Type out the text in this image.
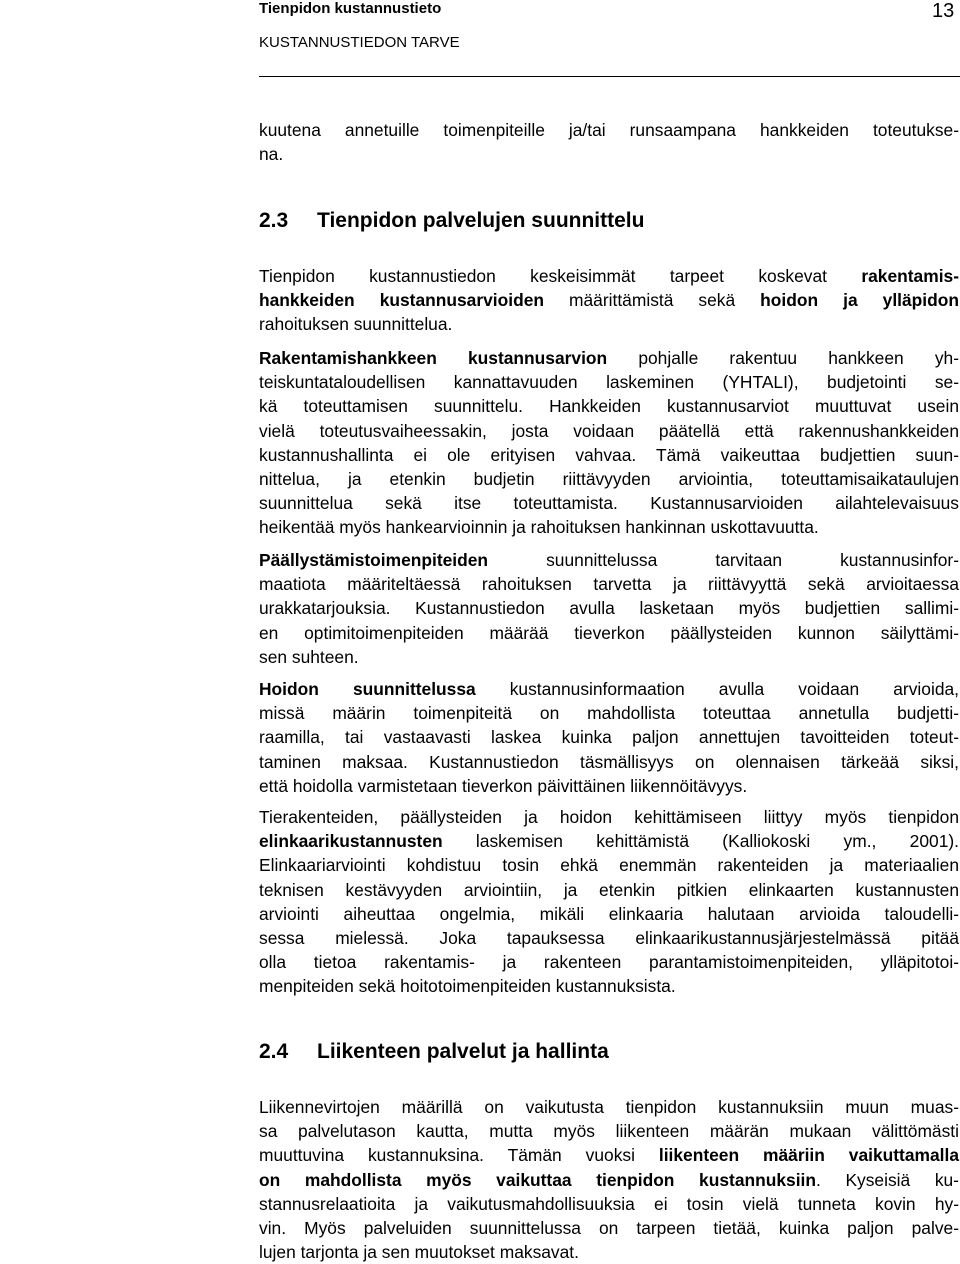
Tienpidon kustannustieto
KUSTANNUSTIEDON TARVE
13
kuutena annetuille toimenpiteille ja/tai runsaampana hankkeiden toteutukse-
na.
2.3 Tienpidon palvelujen suunnittelu
Tienpidon kustannustiedon keskeisimmät tarpeet koskevat rakentamis-
hankkeiden kustannusarvioiden määrittämistä sekä hoidon ja ylläpidon
rahoituksen suunnittelua.
Rakentamishankkeen kustannusarvion pohjalle rakentuu hankkeen yh-
teiskuntataloudellisen kannattavuuden laskeminen (YHTALI), budjetointi se-
kä toteuttamisen suunnittelu. Hankkeiden kustannusarviot muuttuvat usein
vielä toteutusvaiheessakin, josta voidaan päätellä että rakennushankkeiden
kustannushallinta ei ole erityisen vahvaa. Tämä vaikeuttaa budjettien suun-
nittelua, ja etenkin budjetin riittävyyden arviointia, toteuttamisaikataulujen
suunnittelua sekä itse toteuttamista. Kustannusarvioiden ailahtelevaisuus
heikentää myös hankearvioinnin ja rahoituksen hankinnan uskottavuutta.
Päällystämistoimenpiteiden suunnittelussa tarvitaan kustannusinfor-
maatiota määriteltäessä rahoituksen tarvetta ja riittävyyttä sekä arvioitaessa
urakkatarjouksia. Kustannustiedon avulla lasketaan myös budjettien sallimi-
en optimitoimenpiteiden määrää tieverkon päällysteiden kunnon säilyttämi-
sen suhteen.
Hoidon suunnittelussa kustannusinformaation avulla voidaan arvioida,
missä määrin toimenpiteitä on mahdollista toteuttaa annetulla budjetti-
raamilla, tai vastaavasti laskea kuinka paljon annettujen tavoitteiden toteut-
taminen maksaa. Kustannustiedon täsmällisyys on olennaisen tärkeää siksi,
että hoidolla varmistetaan tieverkon päivittäinen liikennöitävyys.
Tierakenteiden, päällysteiden ja hoidon kehittämiseen liittyy myös tienpidon
elinkaarikustannusten laskemisen kehittämistä (Kalliokoski ym., 2001).
Elinkaariarviointi kohdistuu tosin ehkä enemmän rakenteiden ja materiaalien
teknisen kestävyyden arviointiin, ja etenkin pitkien elinkaarten kustannusten
arviointi aiheuttaa ongelmia, mikäli elinkaaria halutaan arvioida taloudelli-
sessa mielessä. Joka tapauksessa elinkaarikustannusjärjestelmässä pitää
olla tietoa rakentamis- ja rakenteen parantamistoimenpiteiden, ylläpitotoi-
menpiteiden sekä hoitotoimenpiteiden kustannuksista.
2.4 Liikenteen palvelut ja hallinta
Liikennevirtojen määrillä on vaikutusta tienpidon kustannuksiin muun muas-
sa palvelutason kautta, mutta myös liikenteen määrän mukaan välittömästi
muuttuvina kustannuksina. Tämän vuoksi liikenteen määriin vaikuttamalla
on mahdollista myös vaikuttaa tienpidon kustannuksiin. Kyseisiä ku-
stannusrelaatioita ja vaikutusmahdollisuuksia ei tosin vielä tunneta kovin hy-
vin. Myös palveluiden suunnittelussa on tarpeen tietää, kuinka paljon palve-
lujen tarjonta ja sen muutokset maksavat.
